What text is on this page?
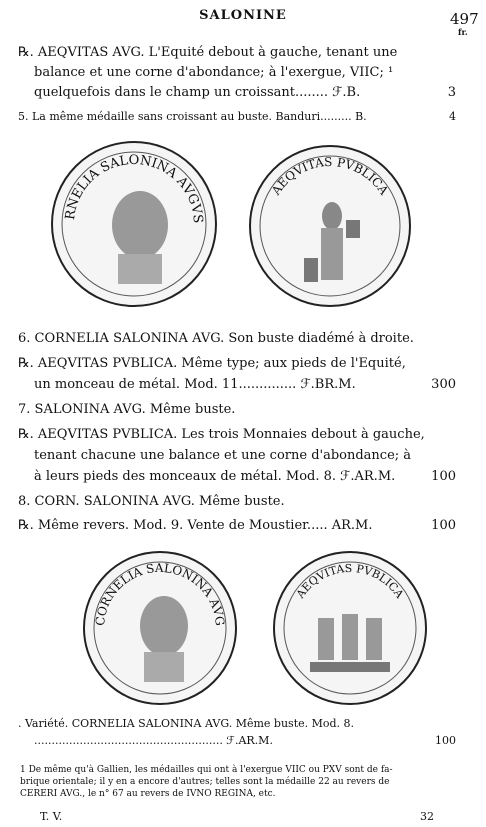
SALONINE	497
fr.
℞. AEQVITAS AVG. L'Equité debout à gauche, tenant une
balance et une corne d'abondance; à l'exergue, VIIC; ¹
quelquefois dans le champ un croissant........ ℱ.B.	3
5. La même médaille sans croissant au buste. Banduri......... B.	4
CORNELIA SALONINA AVGVSTA
AEQVITAS PVBLICA
6. CORNELIA SALONINA AVG. Son buste diadémé à droite.
℞. AEQVITAS PVBLICA. Même type; aux pieds de l'Equité,
un monceau de métal. Mod. 11.............. ℱ.BR.M.	300
7. SALONINA AVG. Même buste.
℞. AEQVITAS PVBLICA. Les trois Monnaies debout à gauche,
tenant chacune une balance et une corne d'abondance; à
à leurs pieds des monceaux de métal. Mod. 8. ℱ.AR.M.	100
8. CORN. SALONINA AVG. Même buste.
℞. Même revers. Mod. 9. Vente de Moustier..... AR.M.	100
CORNELIA SALONINA AVG
AEQVITAS PVBLICA
. Variété. CORNELIA SALONINA AVG. Même buste. Mod. 8.
...................................................... ℱ.AR.M.	100
1 De même qu'à Gallien, les médailles qui ont à l'exergue VIIC ou PXV sont de fa-
brique orientale; il y en a encore d'autres; telles sont la médaille 22 au revers de
CERERI AVG., le n° 67 au revers de IVNO REGINA, etc.
T. V.	32
